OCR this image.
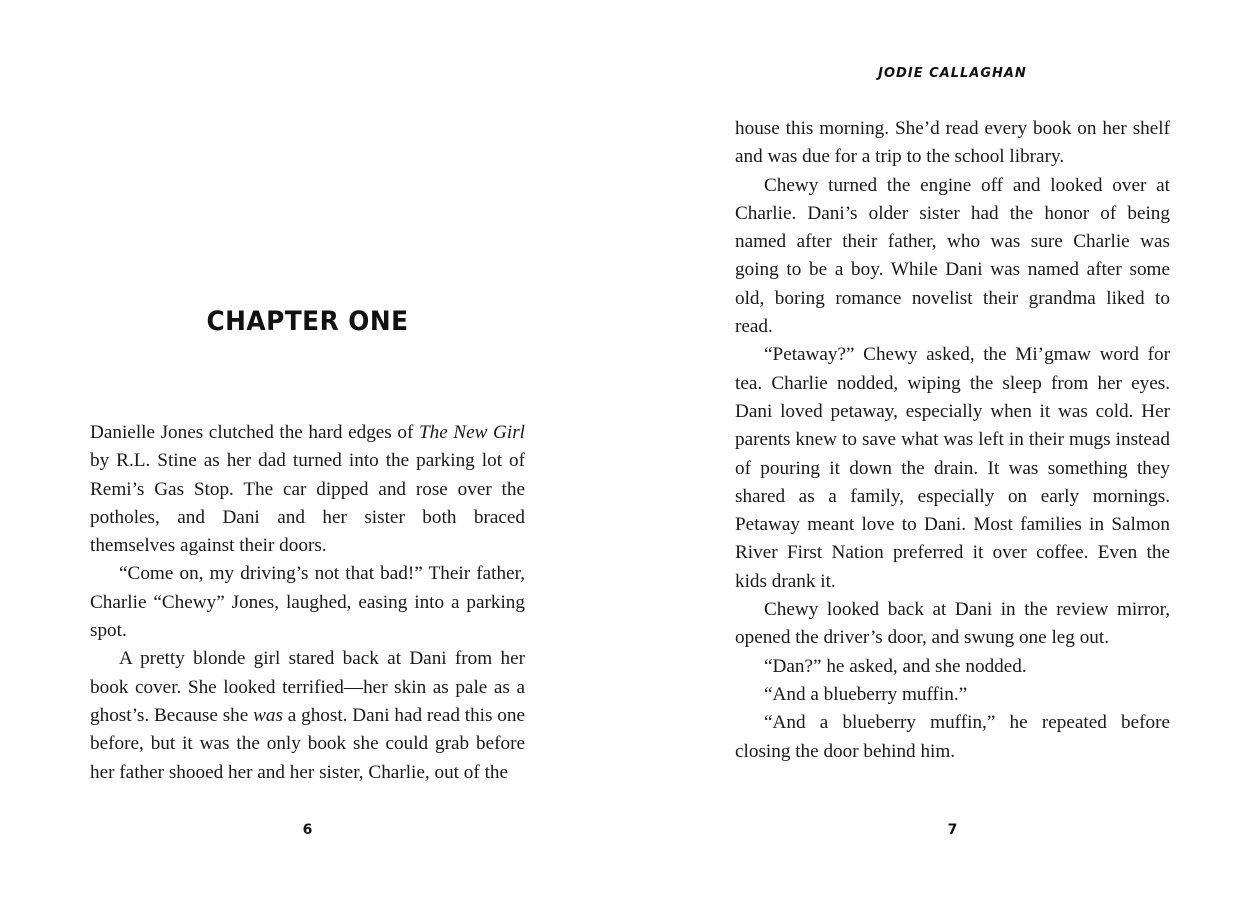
CHAPTER ONE

Danielle Jones clutched the hard edges of The New Girl by R.L. Stine as her dad turned into the parking lot of Remi’s Gas Stop. The car dipped and rose over the potholes, and Dani and her sister both braced themselves against their doors.

“Come on, my driving’s not that bad!” Their father, Charlie “Chewy” Jones, laughed, easing into a parking spot.

A pretty blonde girl stared back at Dani from her book cover. She looked terrified—her skin as pale as a ghost’s. Because she was a ghost. Dani had read this one before, but it was the only book she could grab before her father shooed her and her sister, Charlie, out of the

6
JODIE CALLAGHAN

house this morning. She’d read every book on her shelf and was due for a trip to the school library.

Chewy turned the engine off and looked over at Charlie. Dani’s older sister had the honor of being named after their father, who was sure Charlie was going to be a boy. While Dani was named after some old, boring romance novelist their grandma liked to read.

“Petaway?” Chewy asked, the Mi’gmaw word for tea. Charlie nodded, wiping the sleep from her eyes. Dani loved petaway, especially when it was cold. Her parents knew to save what was left in their mugs instead of pouring it down the drain. It was something they shared as a family, especially on early mornings. Petaway meant love to Dani. Most families in Salmon River First Nation preferred it over coffee. Even the kids drank it.

Chewy looked back at Dani in the review mirror, opened the driver’s door, and swung one leg out.

“Dan?” he asked, and she nodded.

“And a blueberry muffin.”

“And a blueberry muffin,” he repeated before closing the door behind him.

7
